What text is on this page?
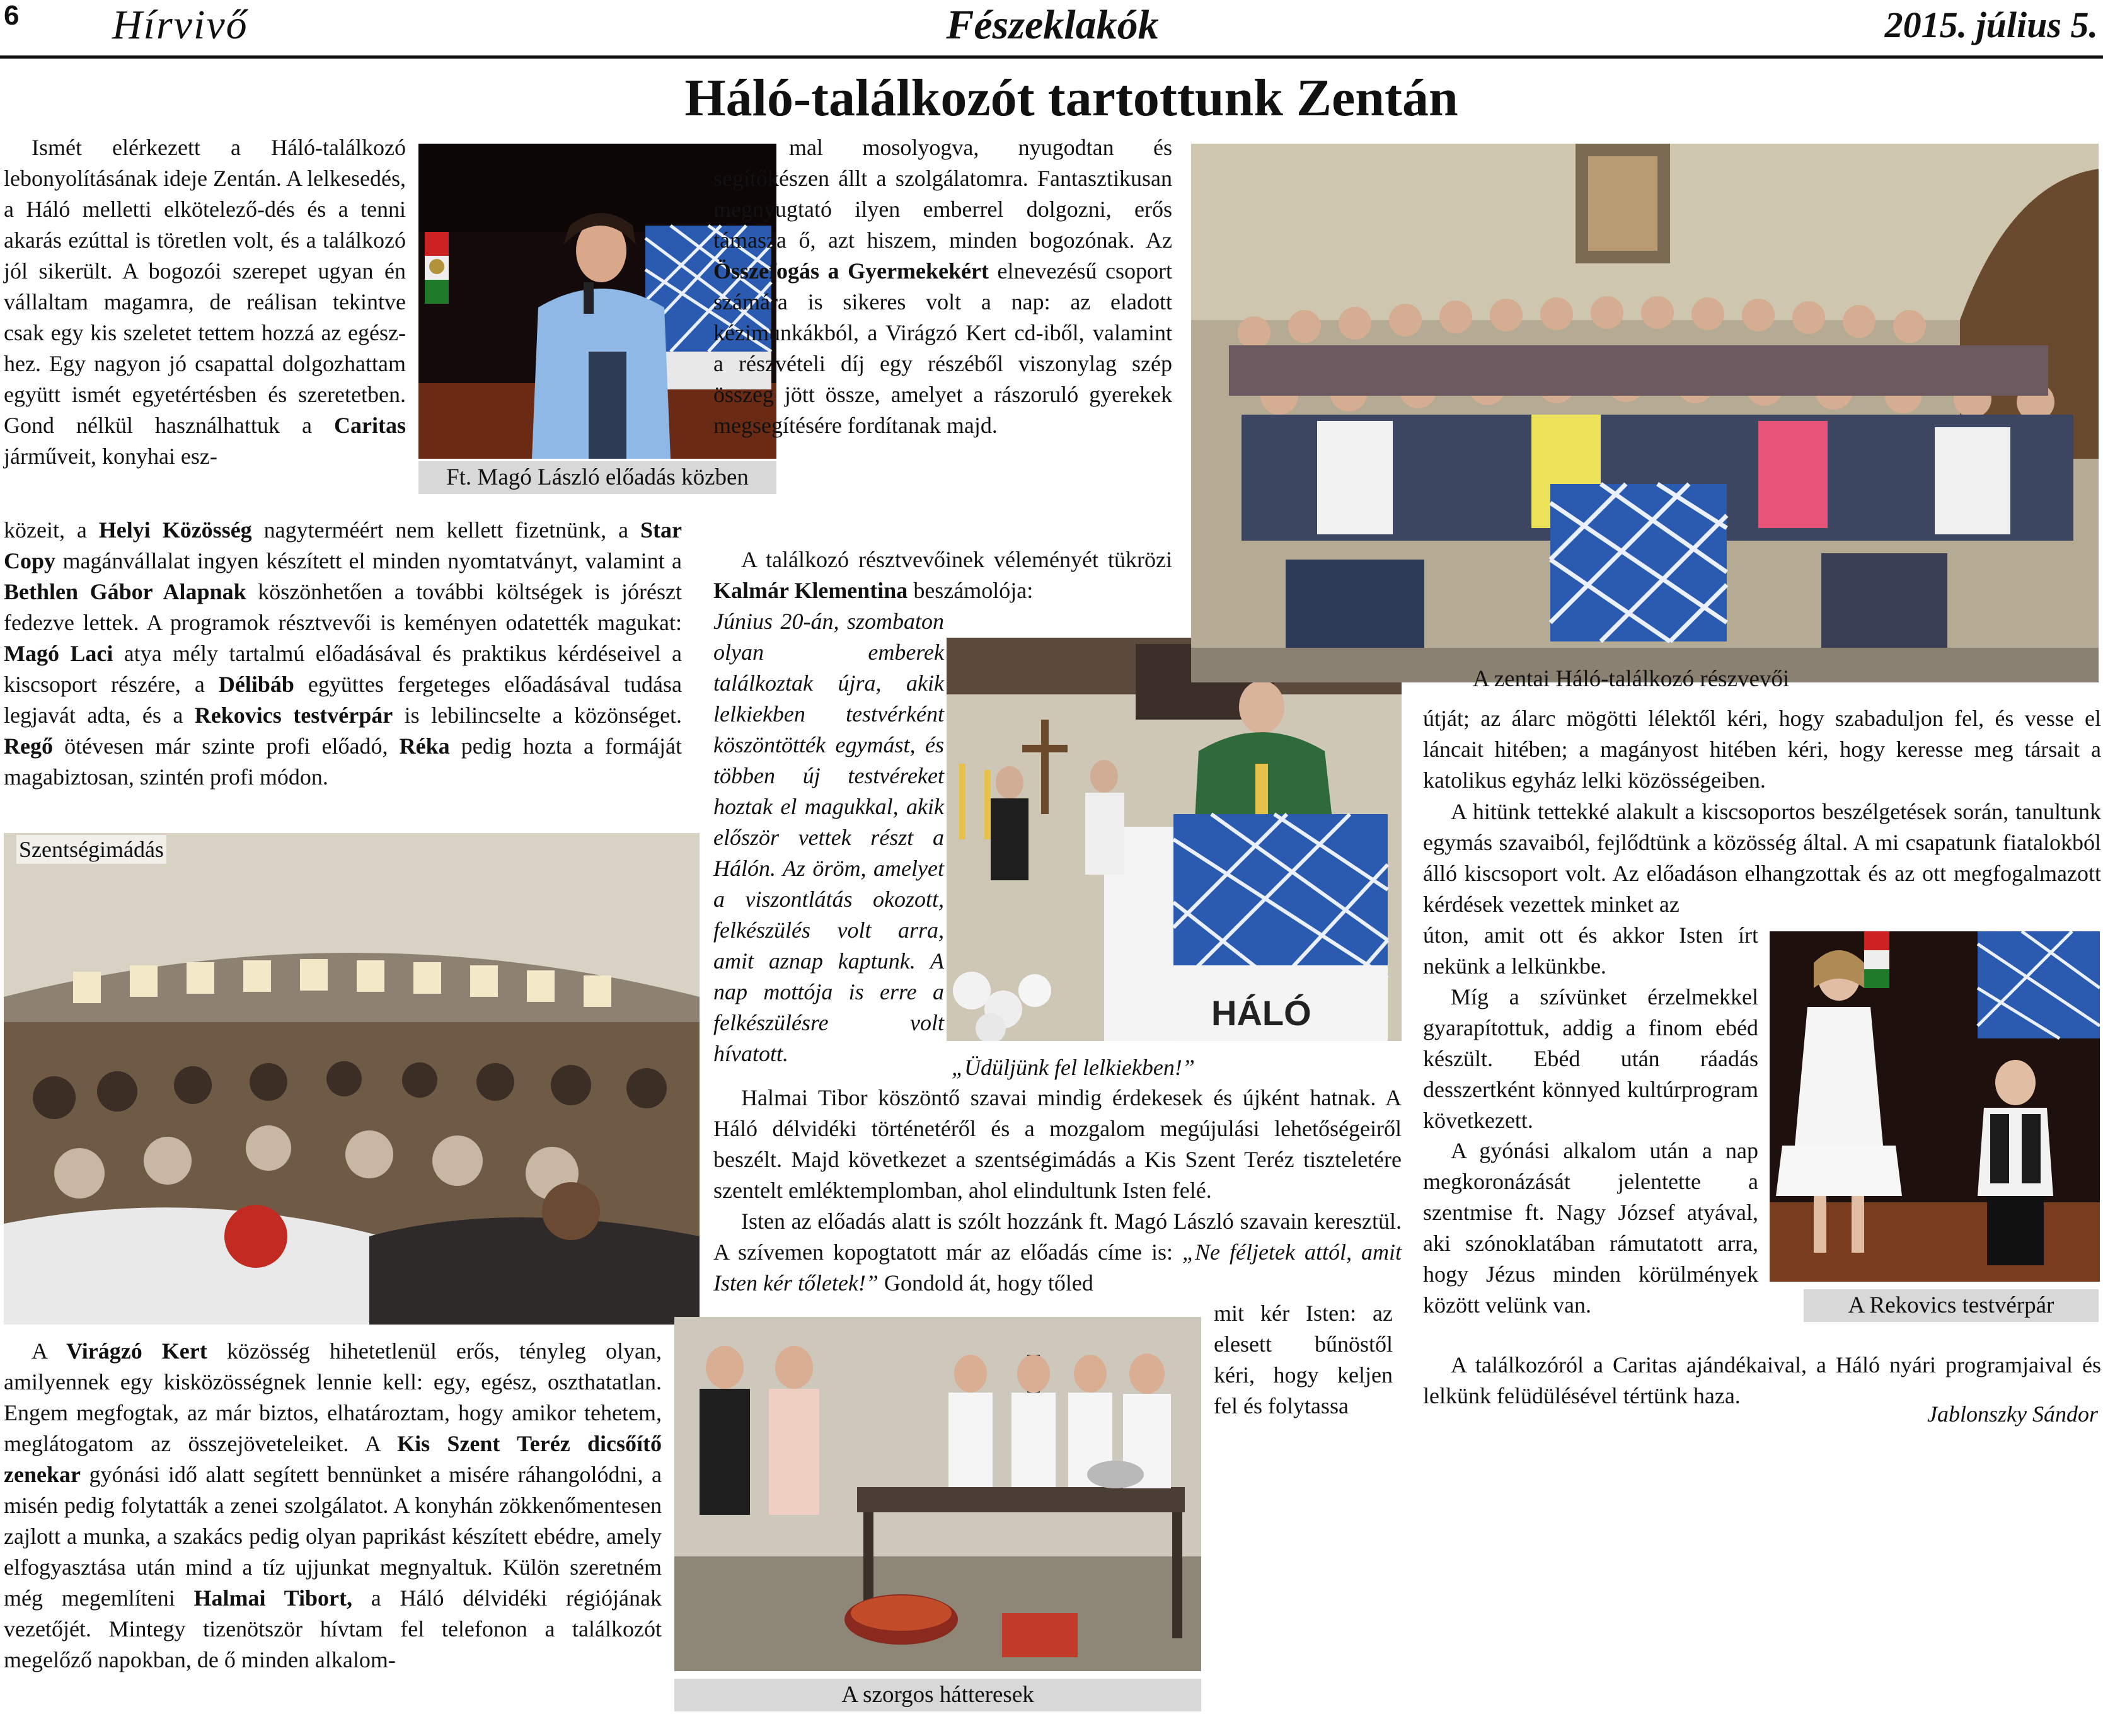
6 Hírvivő	Fészeklakók	2015. július 5.
Háló-találkozót tartottunk Zentán
Ismét elérkezett a Háló-találkozó lebonyolításának ideje Zentán. A lelkesedés, a Háló melletti elkötelező-dés és a tenni akarás ezúttal is töretlen volt, és a találkozó jól sikerült. A bogozói szerepet ugyan én vállaltam magamra, de reálisan tekintve csak egy kis szeletet tettem hozzá az egész-hez. Egy nagyon jó csapattal dolgozhattam együtt ismét egyetértésben és szeretetben. Gond nélkül használhattuk a Caritas járműveit, konyhai esz-
Ft. Magó László előadás közben
közeit, a Helyi Közösség nagyterméért nem kellett fizetnünk, a Star Copy magánvállalat ingyen készített el minden nyomtatványt, valamint a Bethlen Gábor Alapnak köszönhetően a további költségek is jórészt fedezve lettek. A programok résztvevői is keményen odatették magukat: Magó Laci atya mély tartalmú előadásával és praktikus kérdéseivel a kiscsoport részére, a Délibáb együttes fergeteges előadásával tudása legjavát adta, és a Rekovics testvérpár is lebilincselte a közönséget. Regő ötévesen már szinte profi előadó, Réka pedig hozta a formáját magabiztosan, szintén profi módon.
Szentségimádás
A Virágzó Kert közösség hihetetlenül erős, tényleg olyan, amilyennek egy kisközösségnek lennie kell: egy, egész, oszthatatlan. Engem megfogtak, az már biztos, elhatároztam, hogy amikor tehetem, meglátogatom az összejöveteleiket. A Kis Szent Teréz dicsőítő zenekar gyónási idő alatt segített bennünket a misére ráhangolódni, a misén pedig folytatták a zenei szolgálatot. A konyhán zökkenőmentesen zajlott a munka, a szakács pedig olyan paprikást készített ebédre, amely elfogyasztása után mind a tíz ujjunkat megnyaltuk. Külön szeretném még megemlíteni Halmai Tibort, a Háló délvidéki régiójának vezetőjét. Mintegy tizenötször hívtam fel telefonon a találkozót megelőző napokban, de ő minden alkalom-
mal mosolyogva, nyugodtan és segítőkészen állt a szolgálatomra. Fantasztikusan megnyugtató ilyen emberrel dolgozni, erős támasza ő, azt hiszem, minden bogozónak. Az Összefogás a Gyermekekért elnevezésű csoport számára is sikeres volt a nap: az eladott kézimunkákból, a Virágzó Kert cd-iből, valamint a részvételi díj egy részéből viszonylag szép összeg jött össze, amelyet a rászoruló gyerekek megsegítésére fordítanak majd.
A találkozó résztvevőinek véleményét tükrözi Kalmár Klementina beszámolója:
Június 20-án, szombaton olyan emberek találkoztak újra, akik lelkiekben testvérként köszöntötték egymást, és többen új testvéreket hoztak el magukkal, akik először vettek részt a Hálón. Az öröm, amelyet a viszontlátás okozott, felkészülés volt arra, amit aznap kaptunk. A nap mottója is erre a felkészülésre volt hívatott.
„Üdüljünk fel lelkiekben!”
HÁLÓ
Halmai Tibor köszöntő szavai mindig érdekesek és újként hatnak. A Háló délvidéki történetéről és a mozgalom megújulási lehetőségeiről beszélt. Majd következet a szentségimádás a Kis Szent Teréz tiszteletére szentelt emléktemplomban, ahol elindultunk Isten felé.
Isten az előadás alatt is szólt hozzánk ft. Magó László szavain keresztül. A szívemen kopogtatott már az előadás címe is: „Ne féljetek attól, amit Isten kér tőletek!” Gondold át, hogy tőled
mit kér Isten: az elesett bűnöstől kéri, hogy keljen fel és folytassa
A szorgos hátteresek
A zentai Háló-találkozó részvevői
útját; az álarc mögötti lélektől kéri, hogy szabaduljon fel, és vesse el láncait hitében; a magányost hitében kéri, hogy keresse meg társait a katolikus egyház lelki közösségeiben.
A hitünk tettekké alakult a kiscsoportos beszélgetések során, tanultunk egymás szavaiból, fejlődtünk a közösség által. A mi csapatunk fiatalokból álló kiscsoport volt. Az előadáson elhangzottak és az ott megfogalmazott kérdések vezettek minket az
úton, amit ott és akkor Isten írt nekünk a lelkünkbe.
Míg a szívünket érzelmekkel gyarapítottuk, addig a finom ebéd készült. Ebéd után ráadás desszertként könnyed kultúrprogram következett.
A gyónási alkalom után a nap megkoronázását jelentette a szentmise ft. Nagy József atyával, aki szónoklatában rámutatott arra, hogy Jézus minden körülmények között velünk van.	A Rekovics testvérpár
A találkozóról a Caritas ajándékaival, a Háló nyári programjaival és lelkünk felüdülésével tértünk haza.
Jablonszky Sándor
